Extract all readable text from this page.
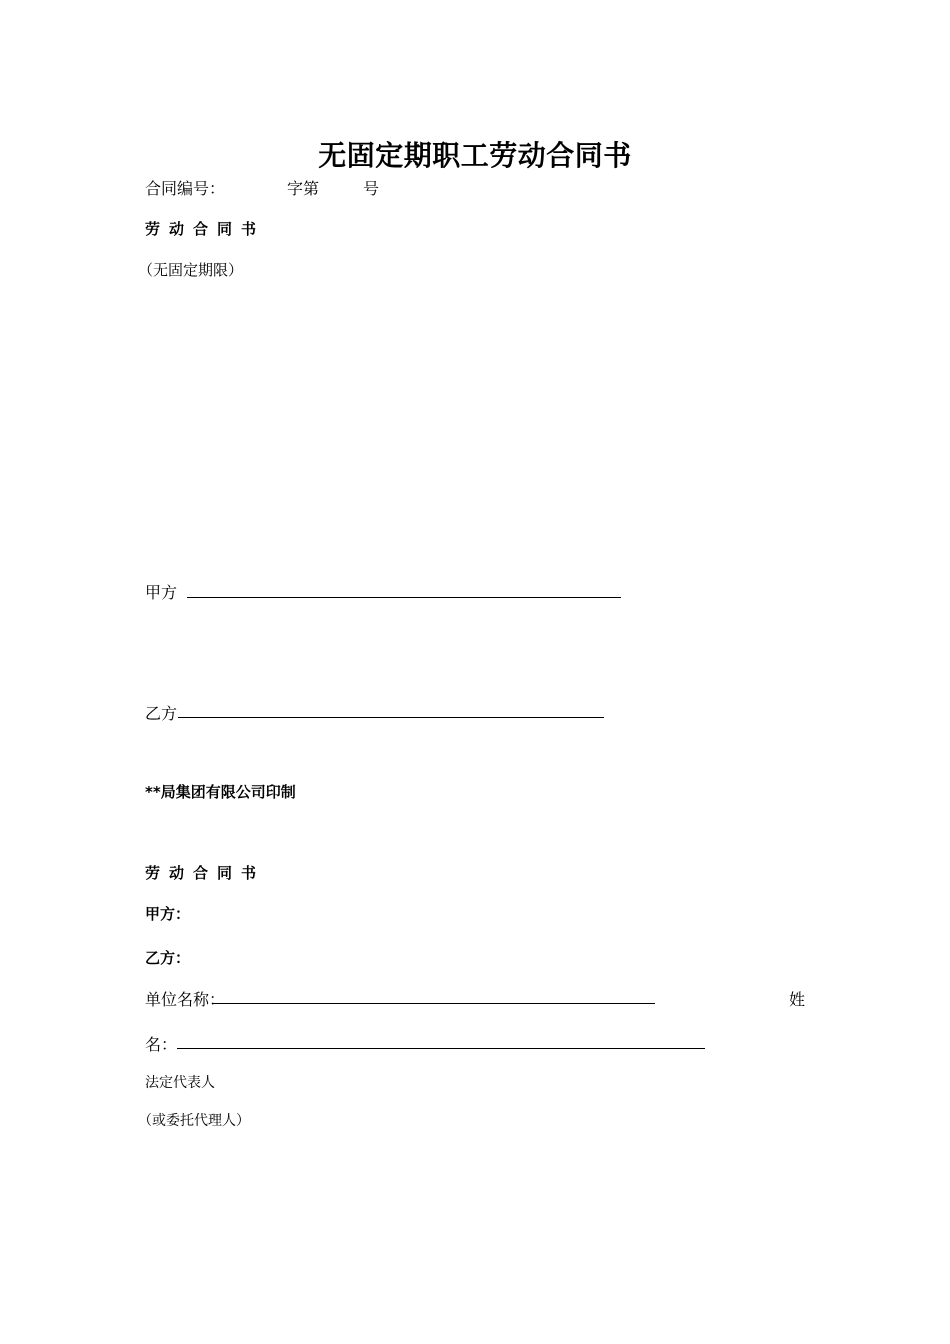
无固定期职工劳动合同书
合同编号：	字第	号
劳动合同书
（无固定期限）
甲方
乙方
**局集团有限公司印制
劳动合同书
甲方：
乙方：
单位名称：	姓
名：
法定代表人
（或委托代理人）
